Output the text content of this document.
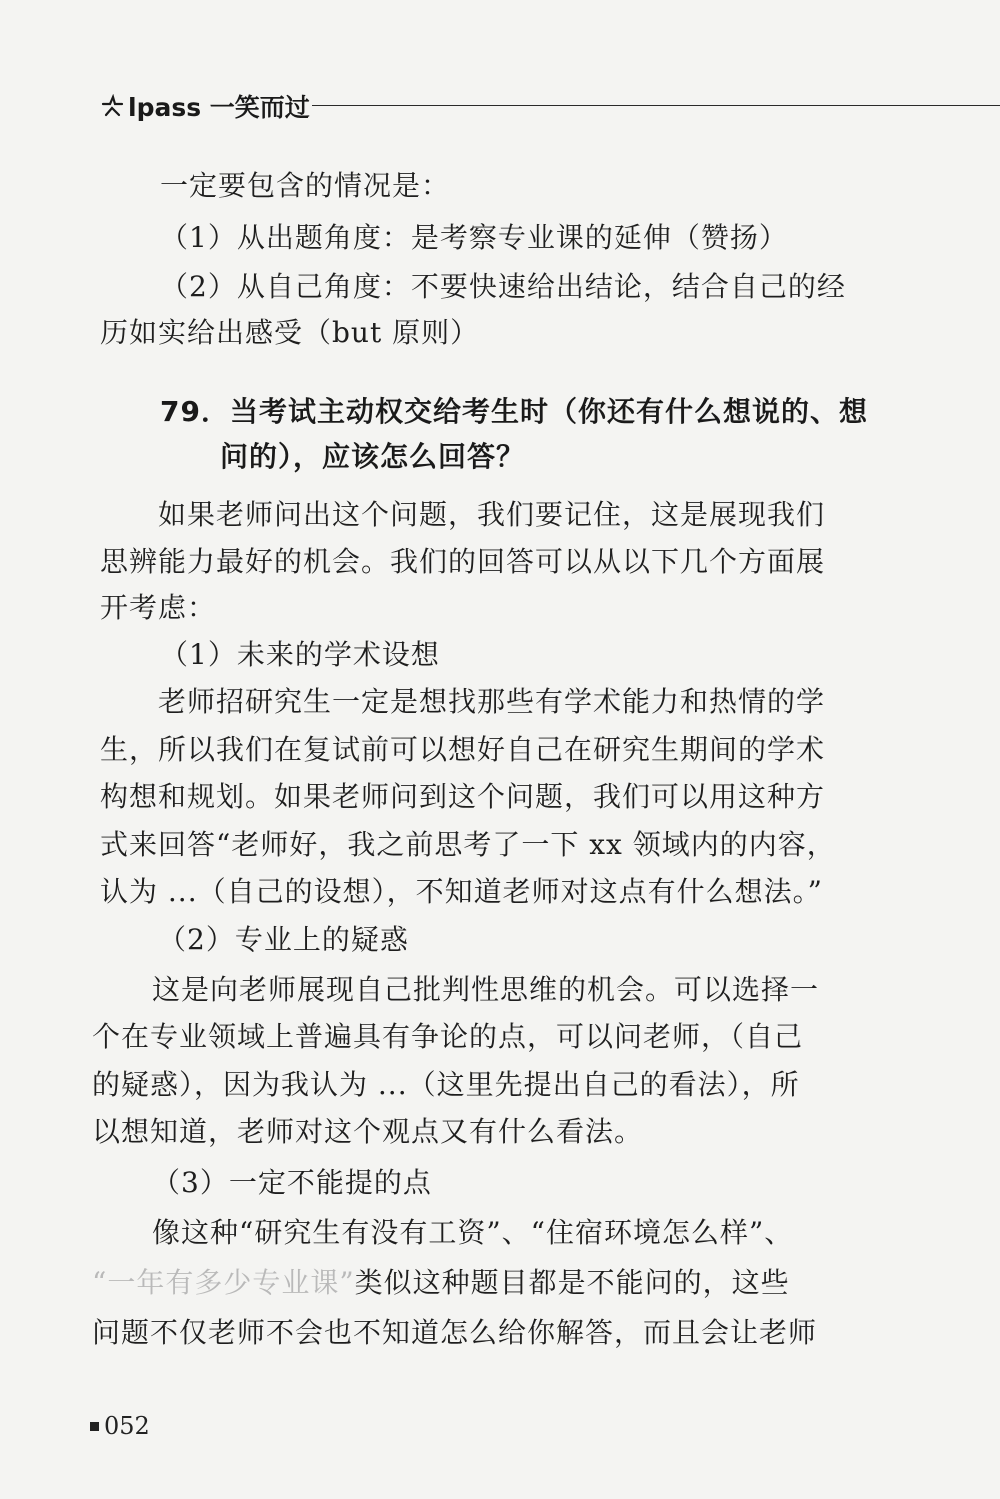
lpass 一笑而过
一定要包含的情况是：
（1）从出题角度：是考察专业课的延伸（赞扬）
（2）从自己角度：不要快速给出结论，结合自己的经
历如实给出感受（but 原则）
79．当考试主动权交给考生时（你还有什么想说的、想
问的），应该怎么回答？
如果老师问出这个问题，我们要记住，这是展现我们
思辨能力最好的机会。我们的回答可以从以下几个方面展
开考虑：
（1）未来的学术设想
老师招研究生一定是想找那些有学术能力和热情的学
生，所以我们在复试前可以想好自己在研究生期间的学术
构想和规划。如果老师问到这个问题，我们可以用这种方
式来回答“老师好，我之前思考了一下 xx 领域内的内容，
认为 ...（自己的设想），不知道老师对这点有什么想法。”
（2）专业上的疑惑
这是向老师展现自己批判性思维的机会。可以选择一
个在专业领域上普遍具有争论的点，可以问老师，（自己
的疑惑），因为我认为 ...（这里先提出自己的看法），所
以想知道，老师对这个观点又有什么看法。
（3）一定不能提的点
像这种“研究生有没有工资”、“住宿环境怎么样”、
“一年有多少专业课”类似这种题目都是不能问的，这些
问题不仅老师不会也不知道怎么给你解答，而且会让老师
052
